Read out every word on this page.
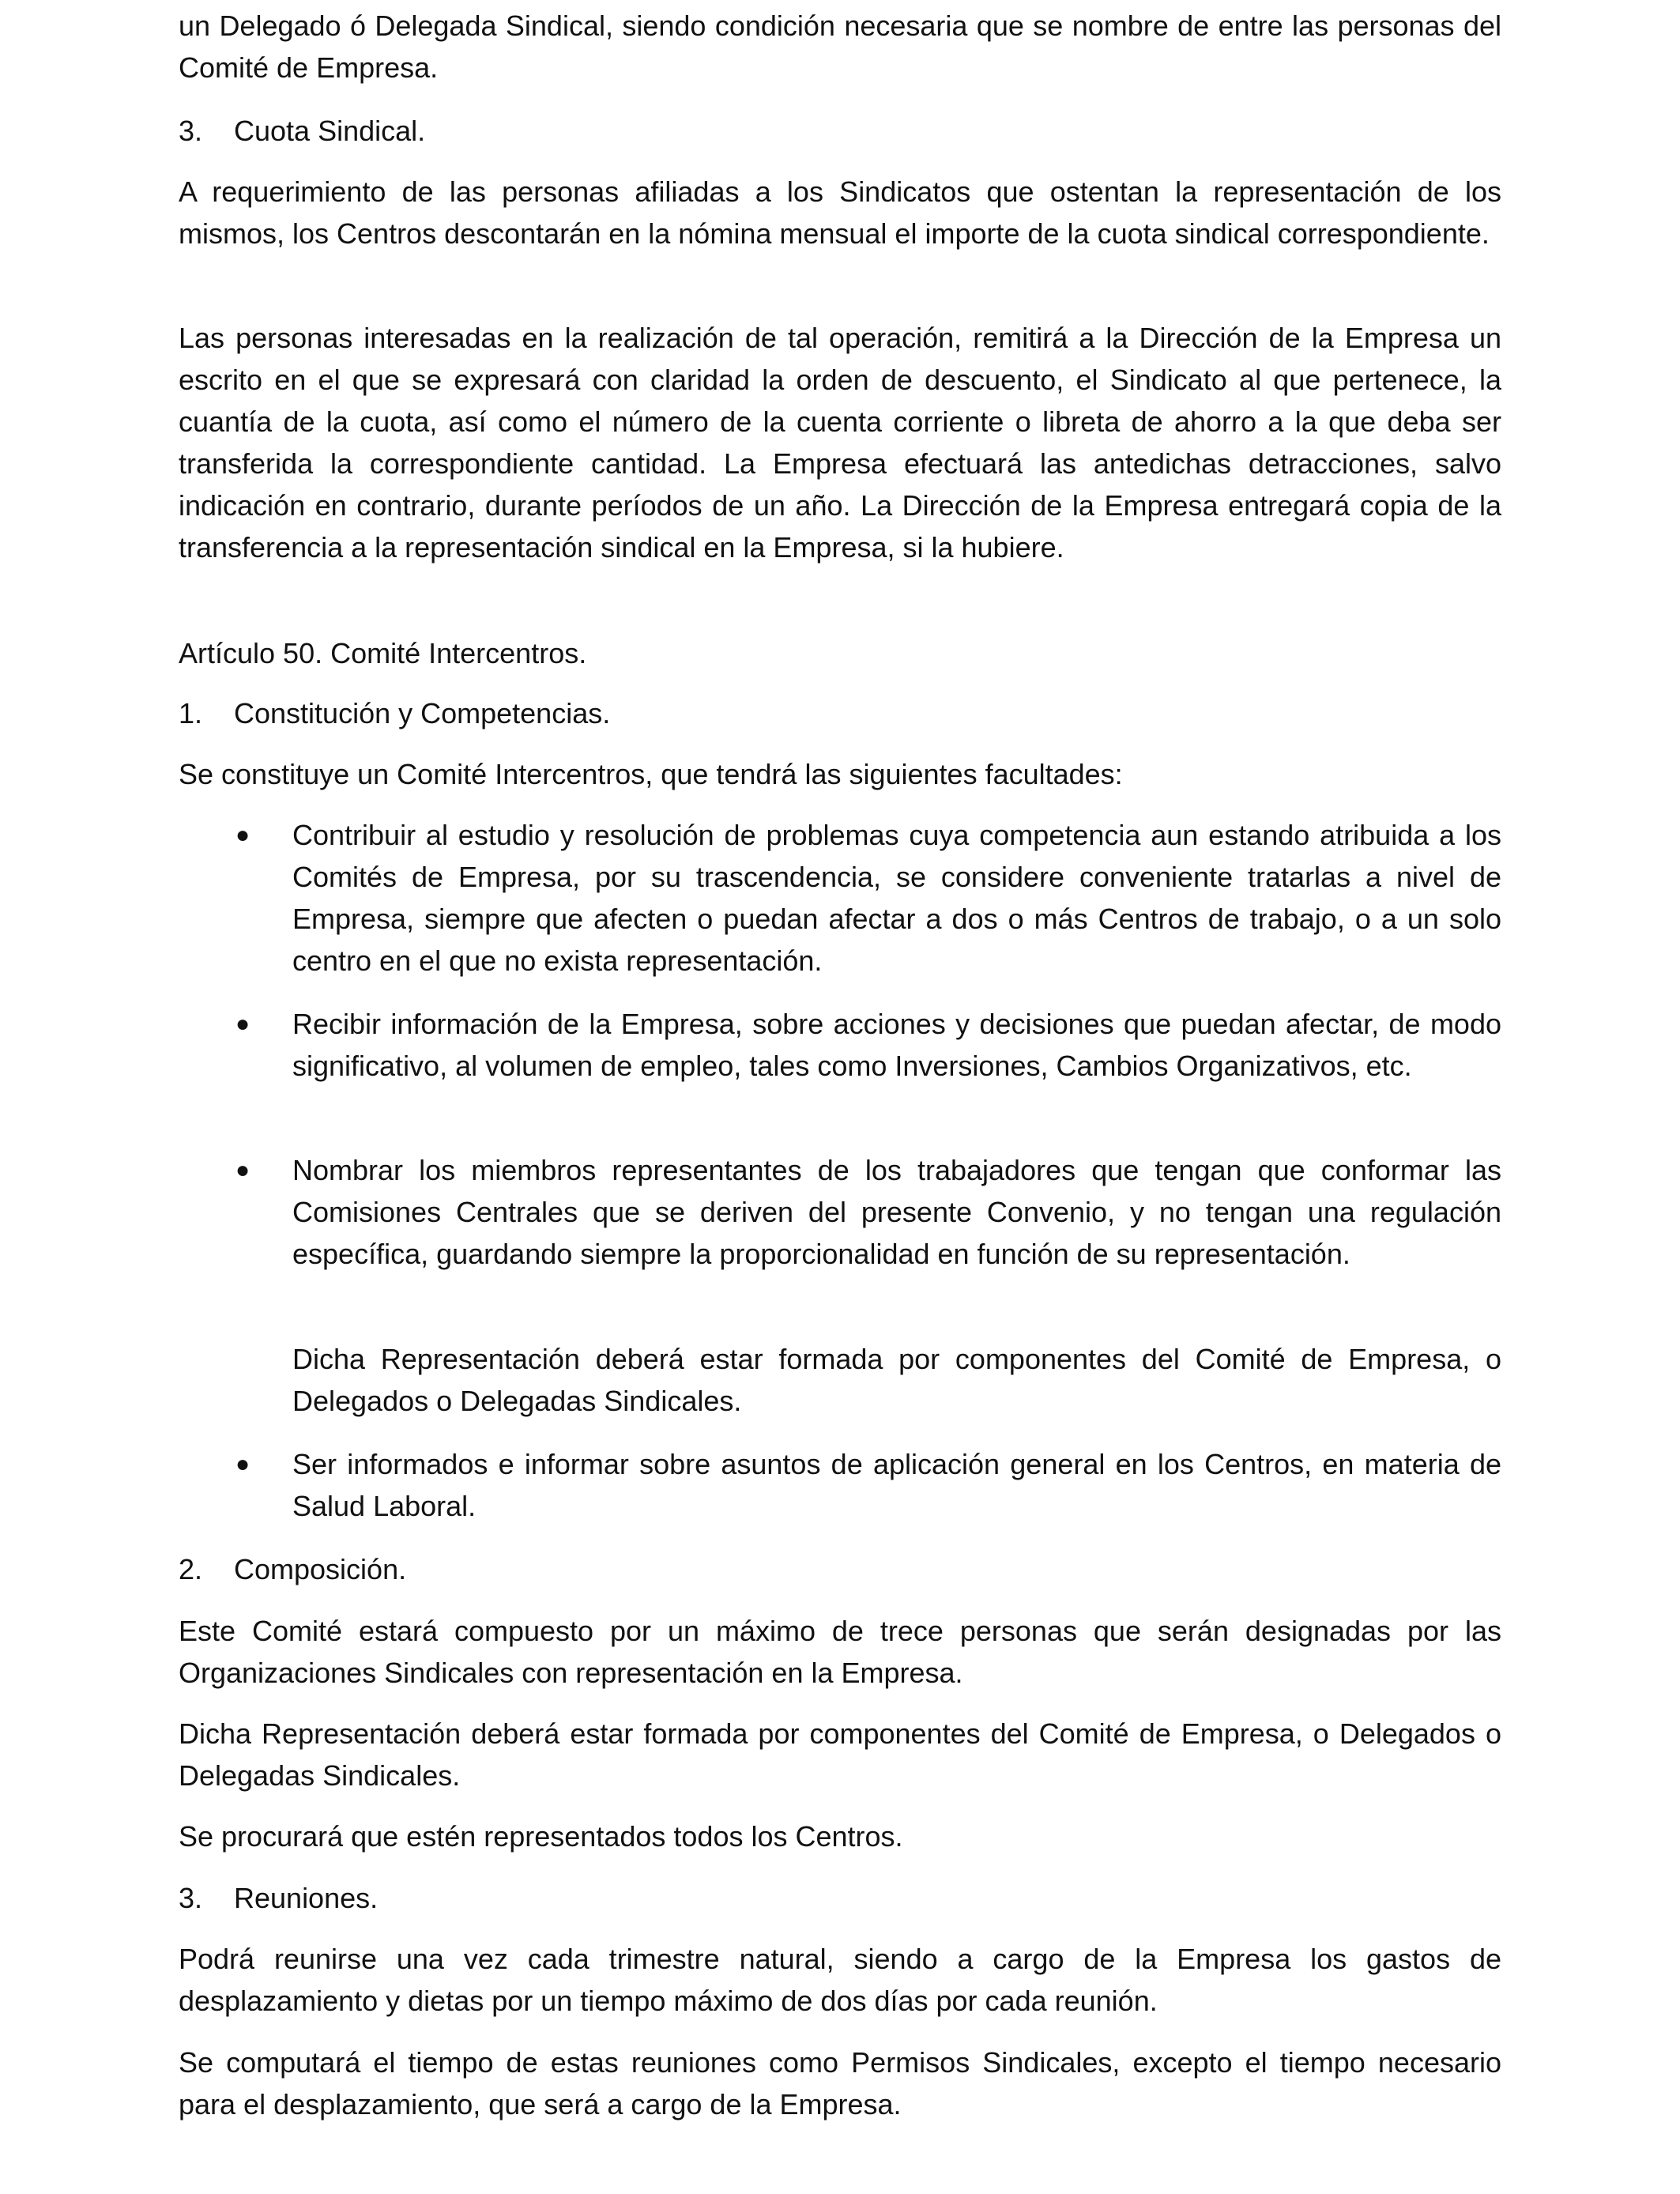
un Delegado ó Delegada Sindical, siendo condición necesaria que se nombre de entre las personas del Comité de Empresa.

3.	Cuota Sindical.

A requerimiento de las personas afiliadas a los Sindicatos que ostentan la representación de los mismos, los Centros descontarán en la nómina mensual el importe de la cuota sindical correspondiente.

Las personas interesadas en la realización de tal operación, remitirá a la Dirección de la Empresa un escrito en el que se expresará con claridad la orden de descuento, el Sindicato al que pertenece, la cuantía de la cuota, así como el número de la cuenta corriente o libreta de ahorro a la que deba ser transferida la correspondiente cantidad. La Empresa efectuará las antedichas detracciones, salvo indicación en contrario, durante períodos de un año. La Dirección de la Empresa entregará copia de la transferencia a la representación sindical en la Empresa, si la hubiere.

Artículo 50. Comité Intercentros.

1.	Constitución y Competencias.

Se constituye un Comité Intercentros, que tendrá las siguientes facultades:

●	Contribuir al estudio y resolución de problemas cuya competencia aun estando atribuida a los Comités de Empresa, por su trascendencia, se considere conveniente tratarlas a nivel de Empresa, siempre que afecten o puedan afectar a dos o más Centros de trabajo, o a un solo centro en el que no exista representación.
●	Recibir información de la Empresa, sobre acciones y decisiones que puedan afectar, de modo significativo, al volumen de empleo, tales como Inversiones, Cambios Organizativos, etc.
●	Nombrar los miembros representantes de los trabajadores que tengan que conformar las Comisiones Centrales que se deriven del presente Convenio, y no tengan una regulación específica, guardando siempre la proporcionalidad en función de su representación.

Dicha Representación deberá estar formada por componentes del Comité de Empresa, o Delegados o Delegadas Sindicales.

●	Ser informados e informar sobre asuntos de aplicación general en los Centros, en materia de Salud Laboral.
2.	Composición.

Este Comité estará compuesto por un máximo de trece personas que serán designadas por las Organizaciones Sindicales con representación en la Empresa.

Dicha Representación deberá estar formada por componentes del Comité de Empresa, o Delegados o Delegadas Sindicales.

Se procurará que estén representados todos los Centros.

3.	Reuniones.

Podrá reunirse una vez cada trimestre natural, siendo a cargo de la Empresa los gastos de desplazamiento y dietas por un tiempo máximo de dos días por cada reunión.

Se computará el tiempo de estas reuniones como Permisos Sindicales, excepto el tiempo necesario para el desplazamiento, que será a cargo de la Empresa.
